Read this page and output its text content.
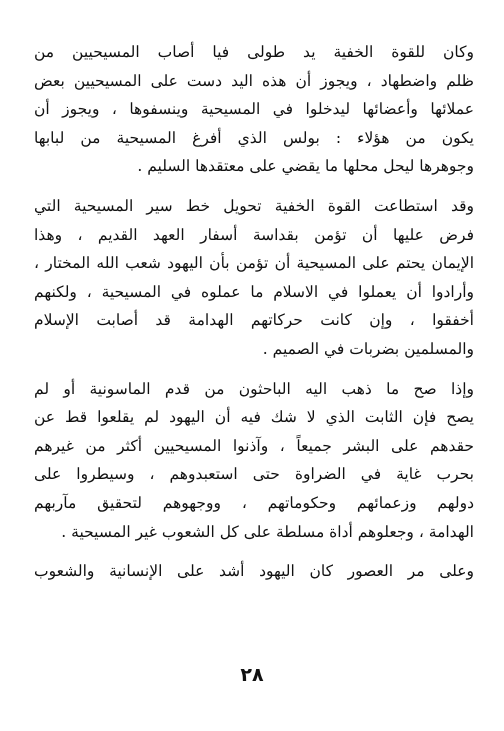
وكان للقوة الخفية يد طولى فيا أصاب المسيحيين من
ظلم واضطهاد ، ويجوز أن هذه اليد دست على المسيحيين بعض
عملائها وأعضائها ليدخلوا في المسيحية وينسفوها ، ويجوز أن
يكون من هؤلاء : بولس الذي أفرغ المسيحية من لبابها
وجوهرها ليحل محلها ما يقضي على معتقدها السليم .
وقد استطاعت القوة الخفية تحويل خط سير المسيحية التي
فرض عليها أن تؤمن بقداسة أسفار العهد القديم ، وهذا
الإيمان يحتم على المسيحية أن تؤمن بأن اليهود شعب الله المختار ،
وأرادوا أن يعملوا في الاسلام ما عملوه في المسيحية ، ولكنهم
أخفقوا ، وإن كانت حركاتهم الهدامة قد أصابت الإسلام
والمسلمين بضربات في الصميم .
وإذا صح ما ذهب اليه الباحثون من قدم الماسونية أو لم
يصح فإن الثابت الذي لا شك فيه أن اليهود لم يقلعوا قط عن
حقدهم على البشر جميعاً ، وآذنوا المسيحيين أكثر من غيرهم
بحرب غاية في الضراوة حتى استعبدوهم ، وسيطروا على
دولهم وزعمائهم وحكوماتهم ، ووجهوهم لتحقيق مآربهم
الهدامة ، وجعلوهم أداة مسلطة على كل الشعوب غير المسيحية .
وعلى مر العصور كان اليهود أشد على الإنسانية والشعوب
٢٨
